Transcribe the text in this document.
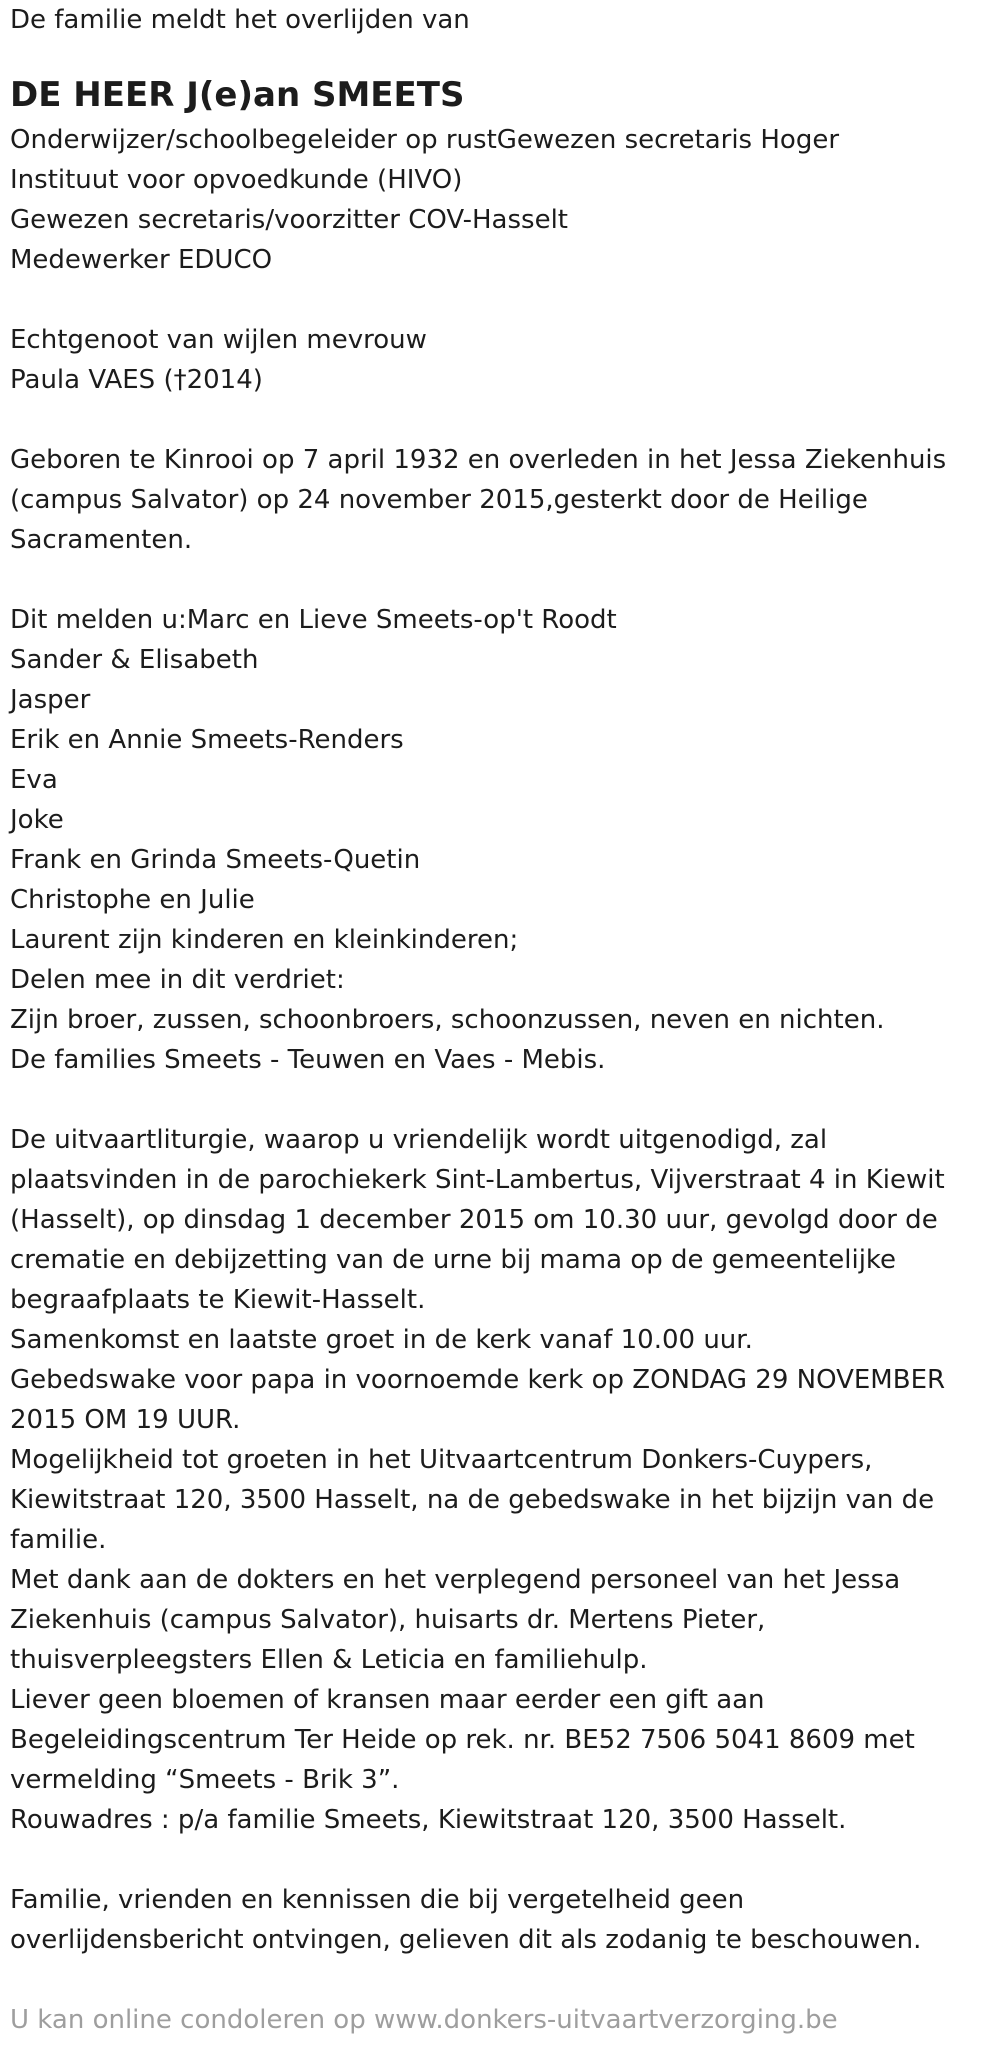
De familie meldt het overlijden van
DE HEER J(e)an SMEETS
Onderwijzer/schoolbegeleider op rustGewezen secretaris Hoger
Instituut voor opvoedkunde (HIVO)
Gewezen secretaris/voorzitter COV-Hasselt
Medewerker EDUCO
Echtgenoot van wijlen mevrouw
Paula VAES (†2014)
Geboren te Kinrooi op 7 april 1932 en overleden in het Jessa Ziekenhuis
(campus Salvator) op 24 november 2015,gesterkt door de Heilige
Sacramenten.
Dit melden u:Marc en Lieve Smeets-op't Roodt
Sander & Elisabeth
Jasper
Erik en Annie Smeets-Renders
Eva
Joke
Frank en Grinda Smeets-Quetin
Christophe en Julie
Laurent zijn kinderen en kleinkinderen;
Delen mee in dit verdriet:
Zijn broer, zussen, schoonbroers, schoonzussen, neven en nichten.
De families Smeets - Teuwen en Vaes - Mebis.
De uitvaartliturgie, waarop u vriendelijk wordt uitgenodigd, zal
plaatsvinden in de parochiekerk Sint-Lambertus, Vijverstraat 4 in Kiewit
(Hasselt), op dinsdag 1 december 2015 om 10.30 uur, gevolgd door de
crematie en debijzetting van de urne bij mama op de gemeentelijke
begraafplaats te Kiewit-Hasselt.
Samenkomst en laatste groet in de kerk vanaf 10.00 uur.
Gebedswake voor papa in voornoemde kerk op ZONDAG 29 NOVEMBER
2015 OM 19 UUR.
Mogelijkheid tot groeten in het Uitvaartcentrum Donkers-Cuypers,
Kiewitstraat 120, 3500 Hasselt, na de gebedswake in het bijzijn van de
familie.
Met dank aan de dokters en het verplegend personeel van het Jessa
Ziekenhuis (campus Salvator), huisarts dr. Mertens Pieter,
thuisverpleegsters Ellen & Leticia en familiehulp.
Liever geen bloemen of kransen maar eerder een gift aan
Begeleidingscentrum Ter Heide op rek. nr. BE52 7506 5041 8609 met
vermelding “Smeets - Brik 3”.
Rouwadres : p/a familie Smeets, Kiewitstraat 120, 3500 Hasselt.
Familie, vrienden en kennissen die bij vergetelheid geen
overlijdensbericht ontvingen, gelieven dit als zodanig te beschouwen.
U kan online condoleren op www.donkers-uitvaartverzorging.be
